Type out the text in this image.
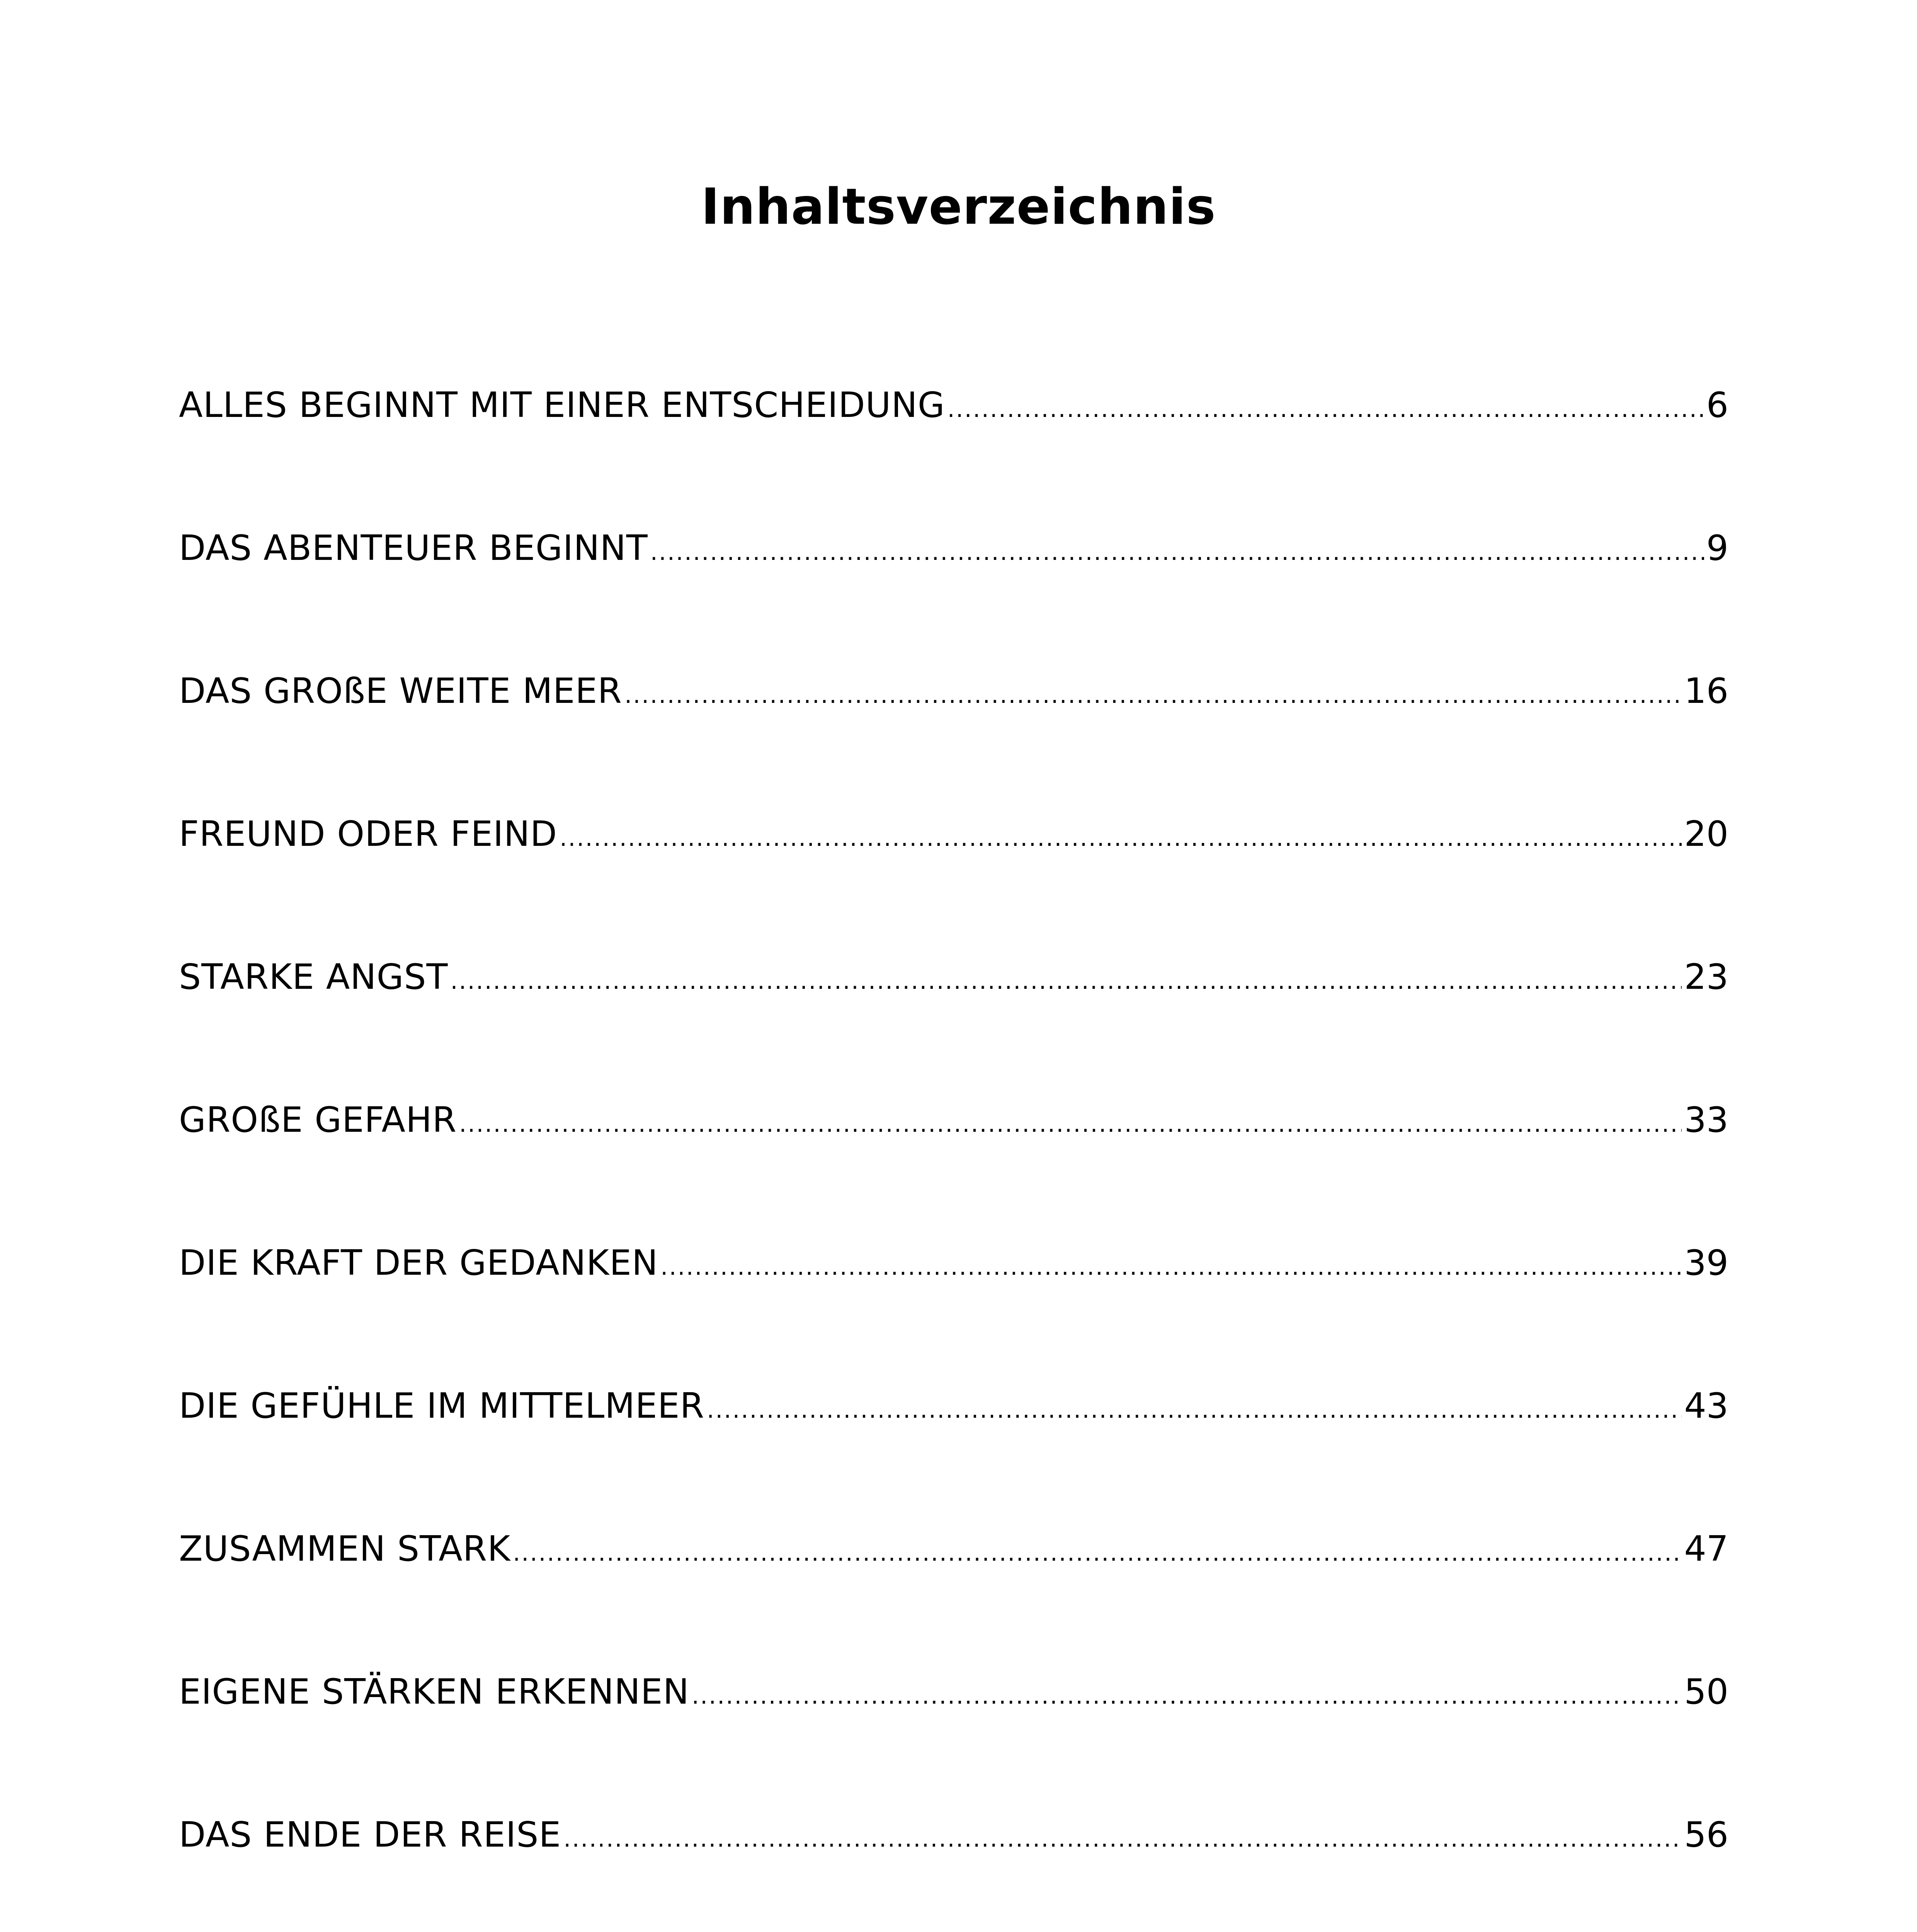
Inhaltsverzeichnis
ALLES BEGINNT MIT EINER ENTSCHEIDUNG .....	6
DAS ABENTEUER BEGINNT .....	9
DAS GROßE WEITE MEER .....	16
FREUND ODER FEIND .....	20
STARKE ANGST .....	23
GROßE GEFAHR .....	33
DIE KRAFT DER GEDANKEN .....	39
DIE GEFÜHLE IM MITTELMEER .....	43
ZUSAMMEN STARK .....	47
EIGENE STÄRKEN ERKENNEN .....	50
DAS ENDE DER REISE .....	56
